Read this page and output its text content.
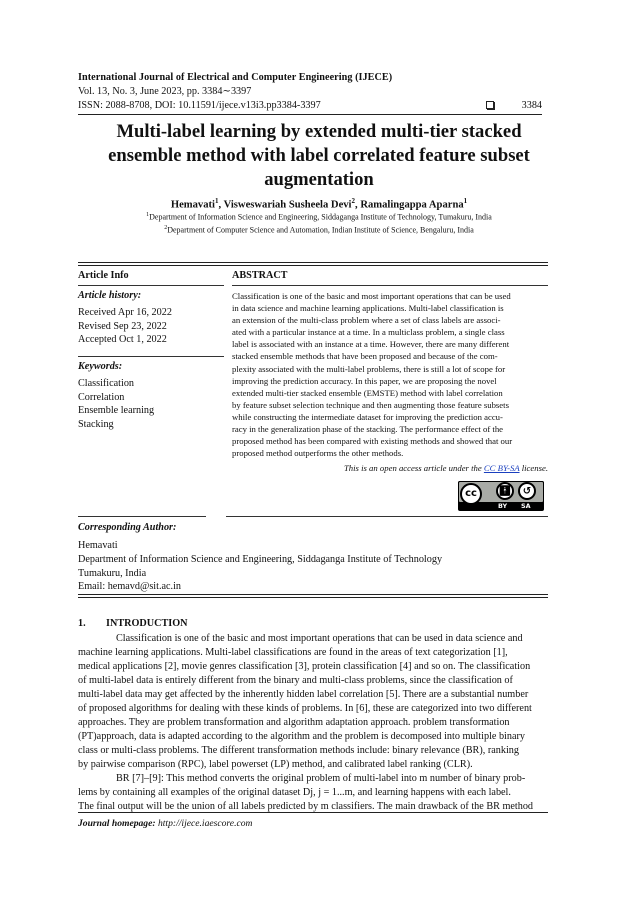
International Journal of Electrical and Computer Engineering (IJECE)
Vol. 13, No. 3, June 2023, pp. 3384∼3397
ISSN: 2088-8708, DOI: 10.11591/ijece.v13i3.pp3384-3397	3384
Multi-label learning by extended multi-tier stacked ensemble method with label correlated feature subset augmentation
Hemavati$^1$, Visweswariah Susheela Devi$^2$, Ramalingappa Aparna$^1$
$^1$Department of Information Science and Engineering, Siddaganga Institute of Technology, Tumakuru, India
$^2$Department of Computer Science and Automation, Indian Institute of Science, Bengaluru, India
Article Info
Article history:
Received Apr 16, 2022
Revised Sep 23, 2022
Accepted Oct 1, 2022
Keywords:
Classification
Correlation
Ensemble learning
Stacking
ABSTRACT
Classification is one of the basic and most important operations that can be used
in data science and machine learning applications. Multi-label classification is
an extension of the multi-class problem where a set of class labels are associ-
ated with a particular instance at a time. In a multiclass problem, a single class
label is associated with an instance at a time. However, there are many different
stacked ensemble methods that have been proposed and because of the com-
plexity associated with the multi-label problems, there is still a lot of scope for
improving the prediction accuracy. In this paper, we are proposing the novel
extended multi-tier stacked ensemble (EMSTE) method with label correlation
by feature subset selection technique and then augmenting those feature subsets
while constructing the intermediate dataset for improving the prediction accu-
racy in the generalization phase of the stacking. The performance effect of the
proposed method has been compared with existing methods and showed that our
proposed method outperforms the other methods.
This is an open access article under the CC BY-SA license.
cc	🚹︎	↺
BY SA
Corresponding Author:
Hemavati
Department of Information Science and Engineering, Siddaganga Institute of Technology
Tumakuru, India
Email: hemavd@sit.ac.in
1. INTRODUCTION
Classification is one of the basic and most important operations that can be used in data science and
machine learning applications. Multi-label classifications are found in the areas of text categorization [1],
medical applications [2], movie genres classification [3], protein classification [4] and so on. The classification
of multi-label data is entirely different from the binary and multi-class problems, since the classification of
multi-label data may get affected by the inherently hidden label correlation [5]. There are a substantial number
of proposed algorithms for dealing with these kinds of problems. In [6], these are categorized into two different
approaches. They are problem transformation and algorithm adaptation approach. problem transformation
(PT)approach, data is adapted according to the algorithm and the problem is decomposed into multiple binary
class or multi-class problems. The different transformation methods include: binary relevance (BR), ranking
by pairwise comparison (RPC), label powerset (LP) method, and calibrated label ranking (CLR).
BR [7]–[9]: This method converts the original problem of multi-label into m number of binary prob-
lems by containing all examples of the original dataset Dj, j = 1...m, and learning happens with each label.
The final output will be the union of all labels predicted by m classifiers. The main drawback of the BR method
Journal homepage: http://ijece.iaescore.com
